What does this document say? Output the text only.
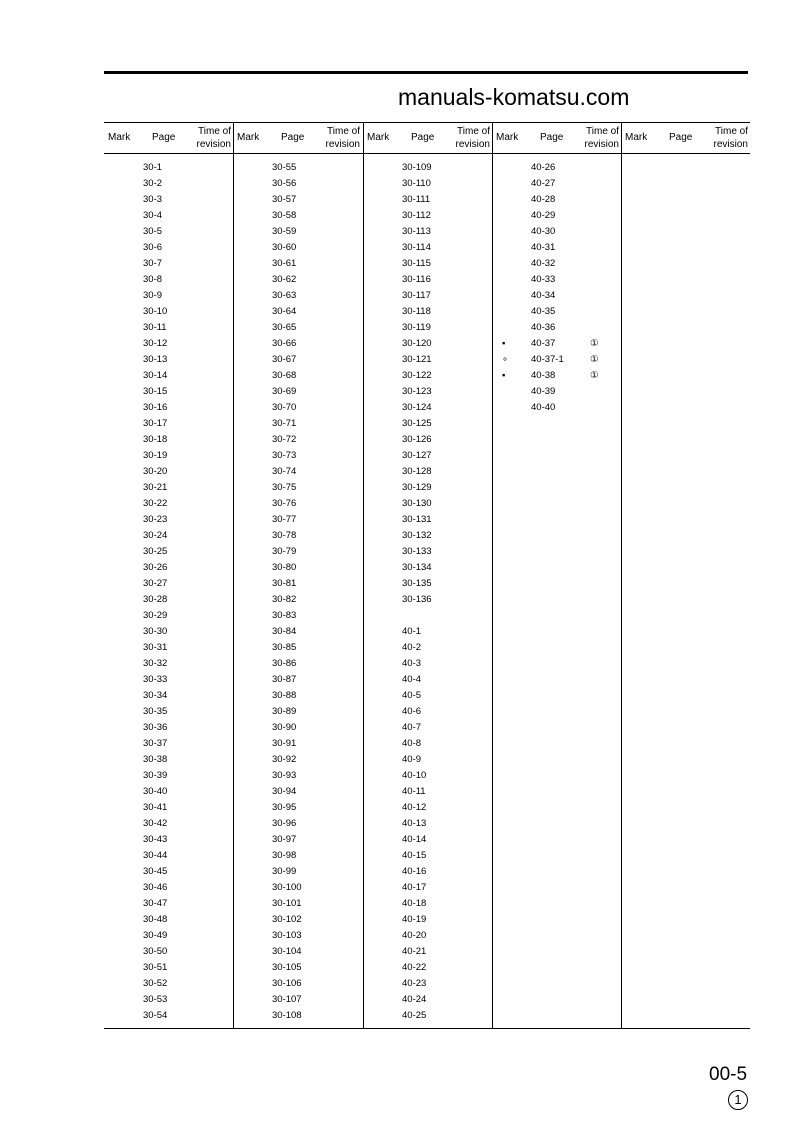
Mark Page
Time of
revision
30-1
30-2
30-3
30-4
30-5
30-6
30-7
30-8
30-9
30-10
30-11
30-12
30-13
30-14
30-15
30-16
30-17
30-18
30-19
30-20
30-21
30-22
30-23
30-24
30-25
30-26
30-27
30-28
30-29
30-30
30-31
30-32
30-33
30-34
30-35
30-36
30-37
30-38
30-39
30-40
30-41
30-42
30-43
30-44
30-45
30-46
30-47
30-48
30-49
30-50
30-51
30-52
30-53
30-54
Mark Page
Time of
revision
30-55
30-56
30-57
30-58
30-59
30-60
30-61
30-62
30-63
30-64
30-65
30-66
30-67
30-68
30-69
30-70
30-71
30-72
30-73
30-74
30-75
30-76
30-77
30-78
30-79
30-80
30-81
30-82
30-83
30-84
30-85
30-86
30-87
30-88
30-89
30-90
30-91
30-92
30-93
30-94
30-95
30-96
30-97
30-98
30-99
30-100
30-101
30-102
30-103
30-104
30-105
30-106
30-107
30-108
Mark Page
Time of
revision
30-109
30-110
30-111
30-112
30-113
30-114
30-115
30-116
30-117
30-118
30-119
30-120
30-121
30-122
30-123
30-124
30-125
30-126
30-127
30-128
30-129
30-130
30-131
30-132
30-133
30-134
30-135
30-136
40-1
40-2
40-3
40-4
40-5
40-6
40-7
40-8
40-9
40-10
40-11
40-12
40-13
40-14
40-15
40-16
40-17
40-18
40-19
40-20
40-21
40-22
40-23
40-24
40-25
Mark Page
Time of
revision
40-26
40-27
40-28
40-29
40-30
40-31
40-32
40-33
40-34
40-35
40-36
▪	40-37	①
∘ 40-37-1	①
▪	40-38	①
40-39
40-40
Mark Page
Time of
revision
manuals-komatsu.com
00-5
1
